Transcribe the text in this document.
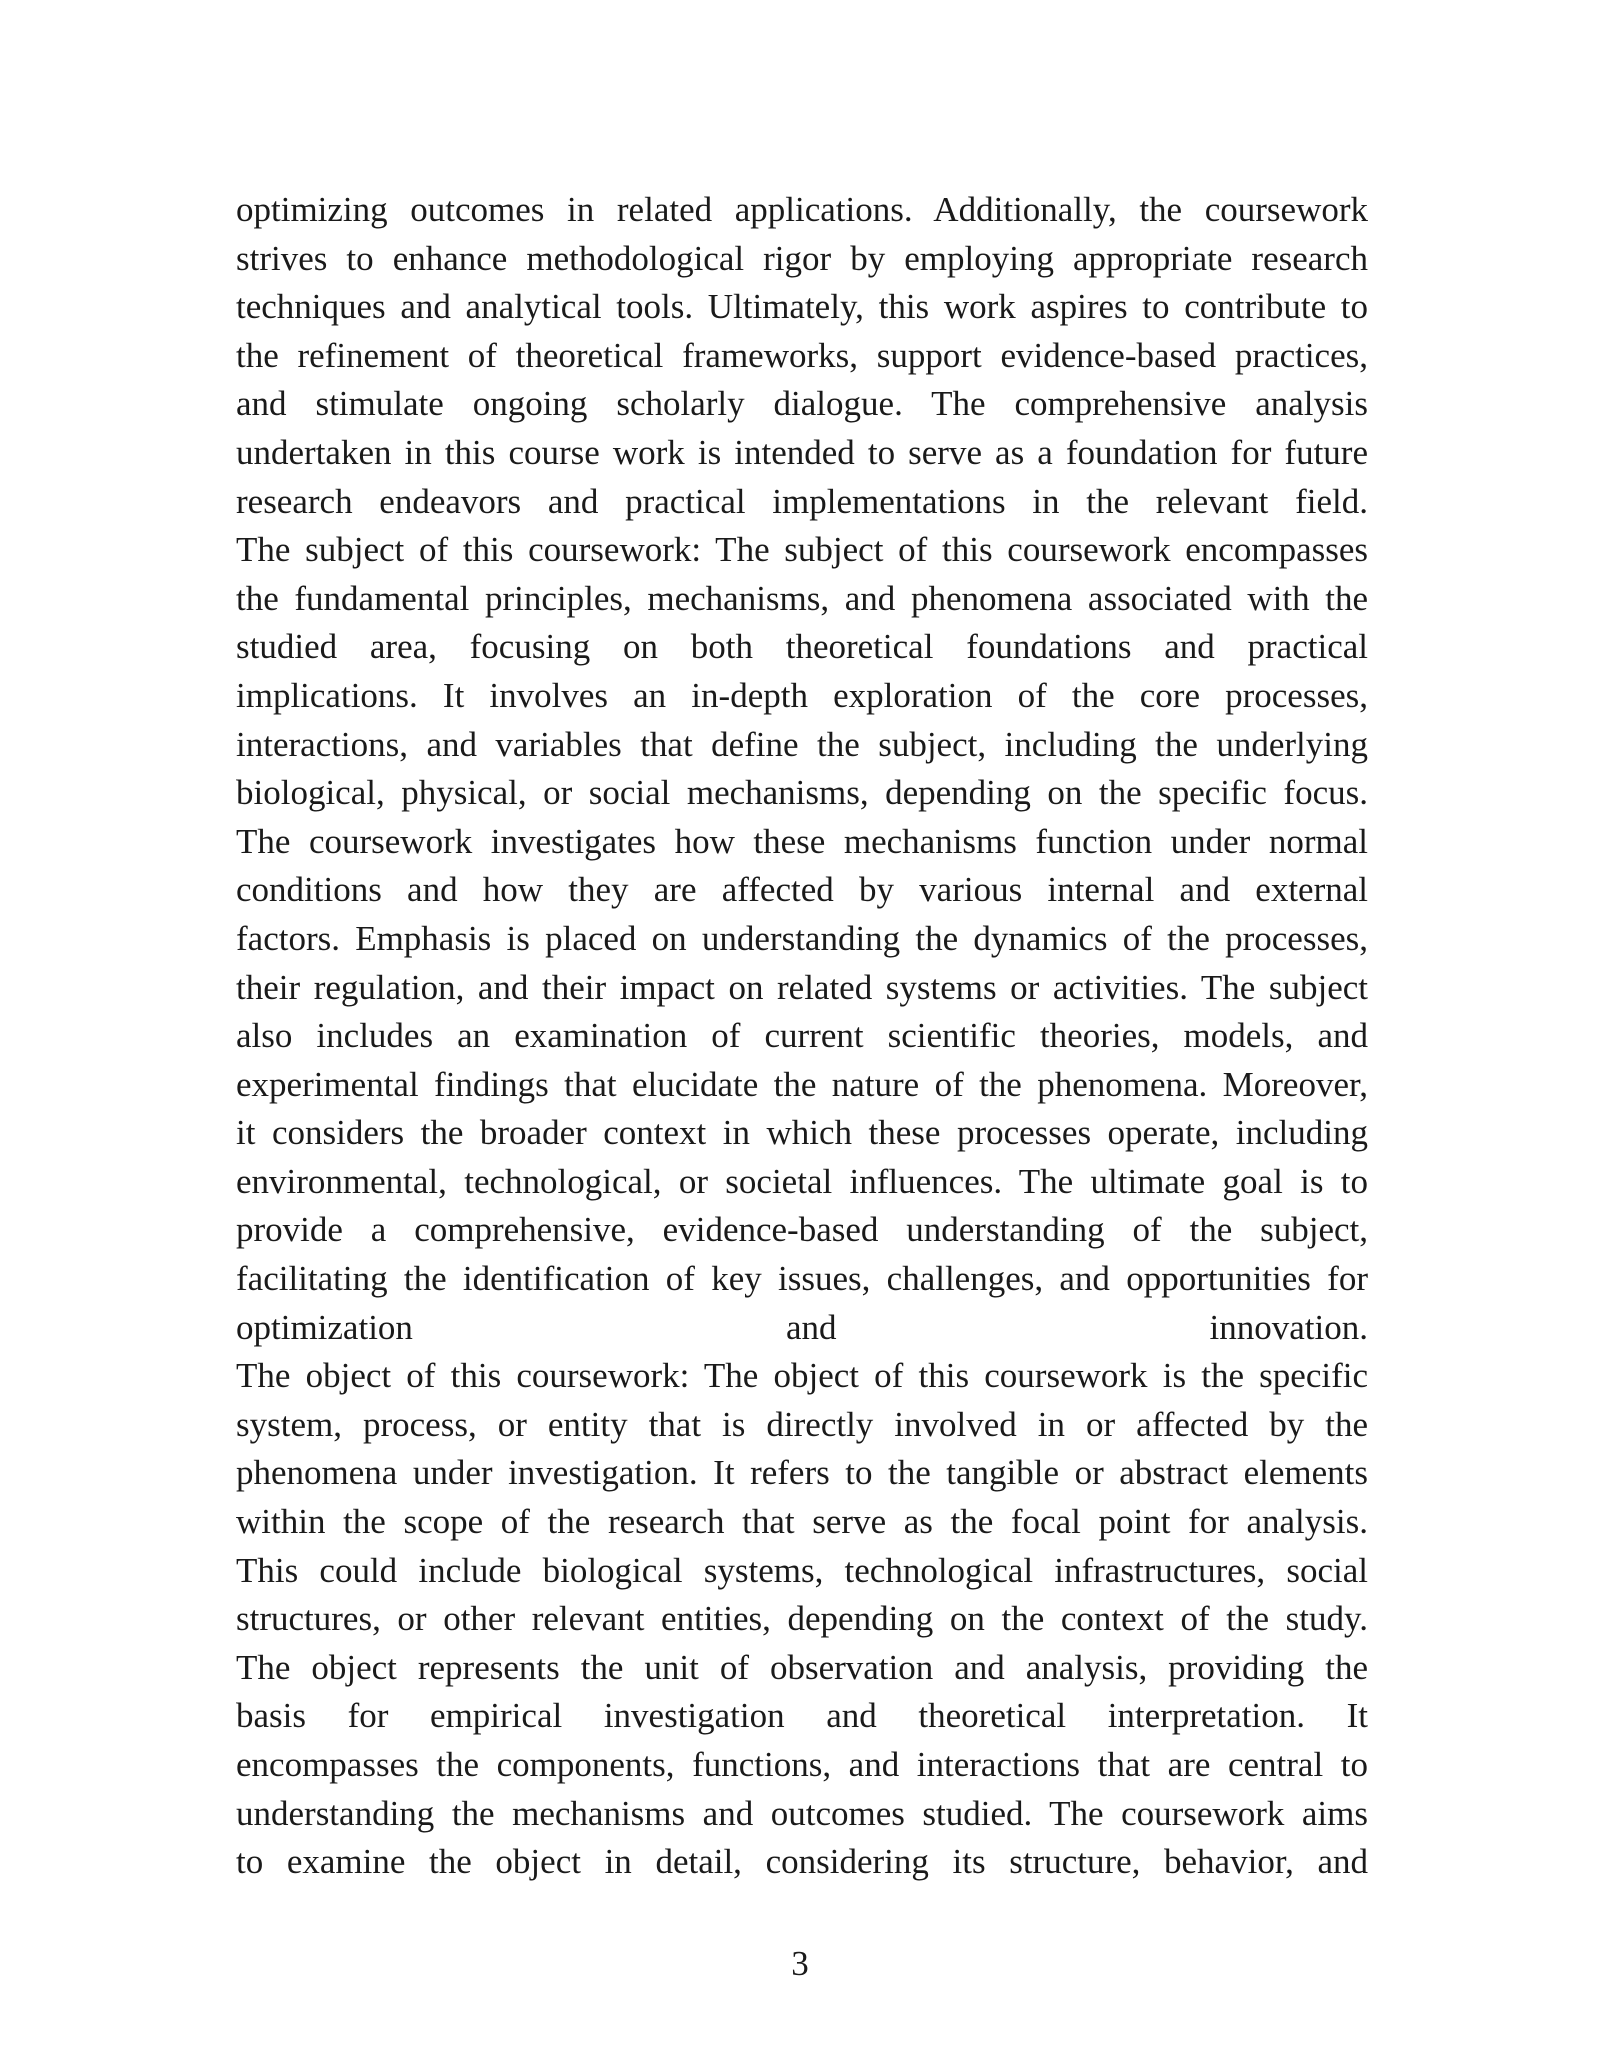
optimizing outcomes in related applications. Additionally, the coursework
strives to enhance methodological rigor by employing appropriate research
techniques and analytical tools. Ultimately, this work aspires to contribute to
the refinement of theoretical frameworks, support evidence-based practices,
and stimulate ongoing scholarly dialogue. The comprehensive analysis
undertaken in this course work is intended to serve as a foundation for future
research endeavors and practical implementations in the relevant field.
The subject of this coursework: The subject of this coursework encompasses
the fundamental principles, mechanisms, and phenomena associated with the
studied area, focusing on both theoretical foundations and practical
implications. It involves an in-depth exploration of the core processes,
interactions, and variables that define the subject, including the underlying
biological, physical, or social mechanisms, depending on the specific focus.
The coursework investigates how these mechanisms function under normal
conditions and how they are affected by various internal and external
factors. Emphasis is placed on understanding the dynamics of the processes,
their regulation, and their impact on related systems or activities. The subject
also includes an examination of current scientific theories, models, and
experimental findings that elucidate the nature of the phenomena. Moreover,
it considers the broader context in which these processes operate, including
environmental, technological, or societal influences. The ultimate goal is to
provide a comprehensive, evidence-based understanding of the subject,
facilitating the identification of key issues, challenges, and opportunities for
optimization and innovation.
The object of this coursework: The object of this coursework is the specific
system, process, or entity that is directly involved in or affected by the
phenomena under investigation. It refers to the tangible or abstract elements
within the scope of the research that serve as the focal point for analysis.
This could include biological systems, technological infrastructures, social
structures, or other relevant entities, depending on the context of the study.
The object represents the unit of observation and analysis, providing the
basis for empirical investigation and theoretical interpretation. It
encompasses the components, functions, and interactions that are central to
understanding the mechanisms and outcomes studied. The coursework aims
to examine the object in detail, considering its structure, behavior, and
3
